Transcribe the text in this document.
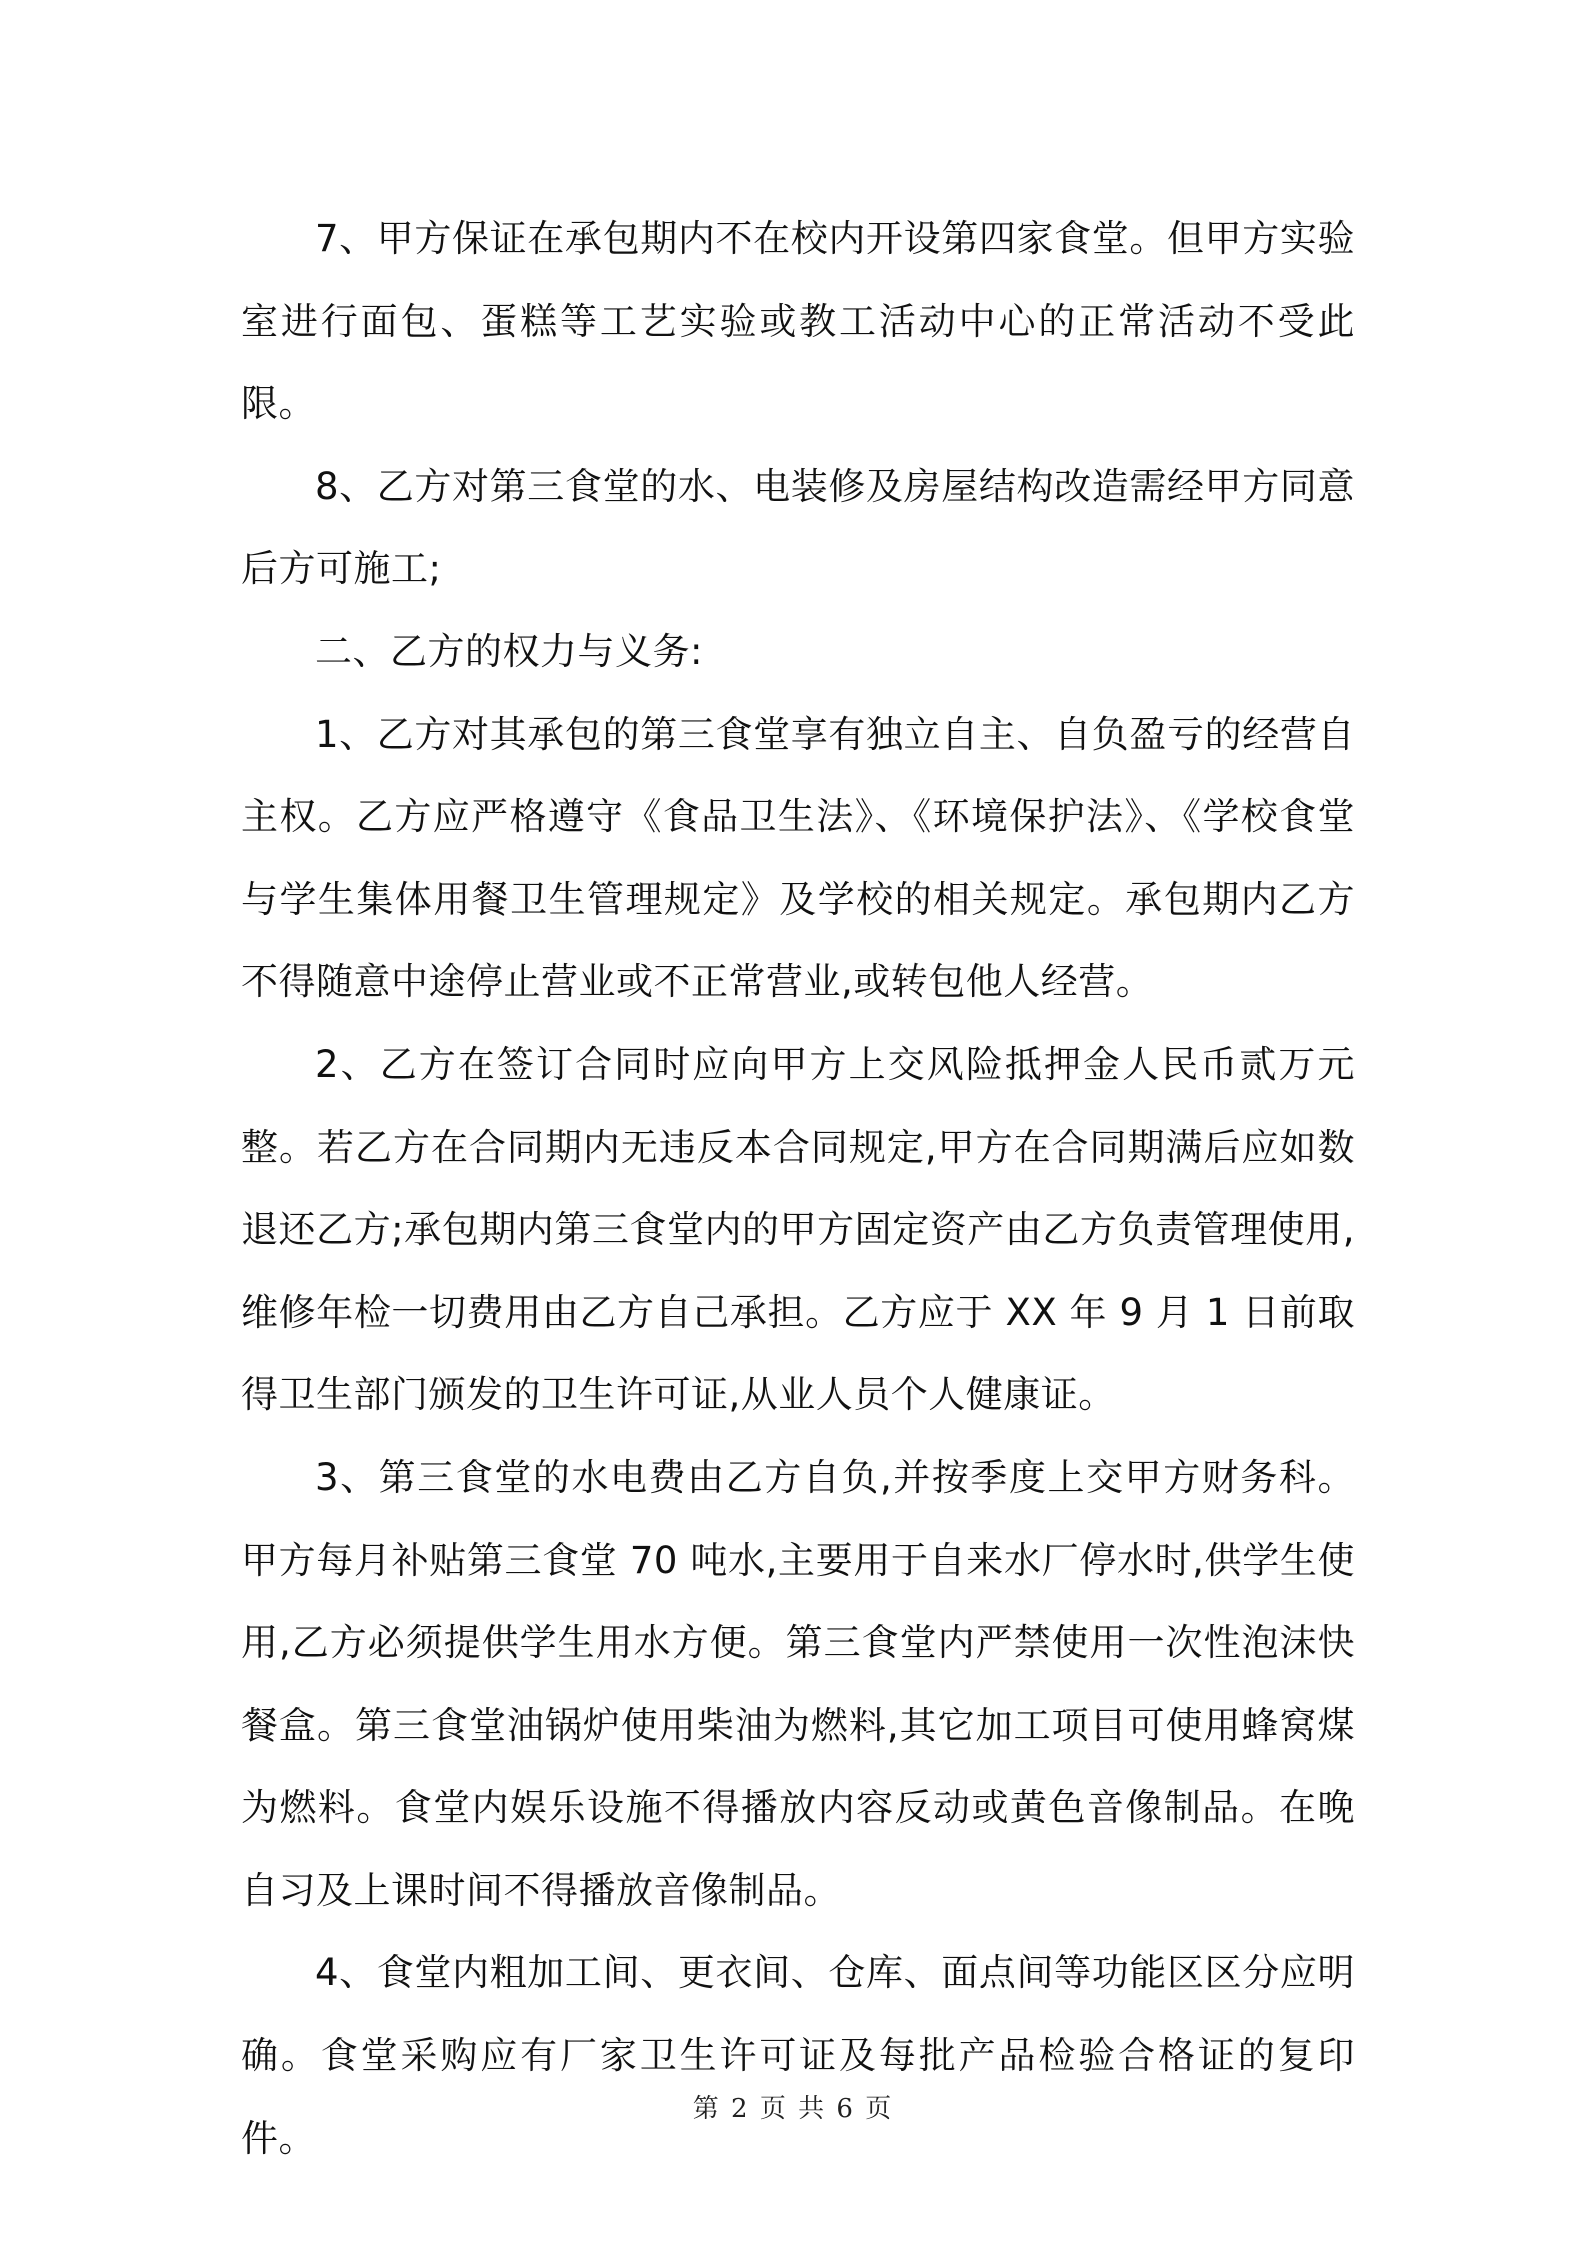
7、甲方保证在承包期内不在校内开设第四家食堂。但甲方实验室进行面包、蛋糕等工艺实验或教工活动中心的正常活动不受此限。

8、乙方对第三食堂的水、电装修及房屋结构改造需经甲方同意后方可施工;

二、乙方的权力与义务:

1、乙方对其承包的第三食堂享有独立自主、自负盈亏的经营自主权。乙方应严格遵守《食品卫生法》、《环境保护法》、《学校食堂与学生集体用餐卫生管理规定》及学校的相关规定。承包期内乙方不得随意中途停止营业或不正常营业,或转包他人经营。

2、乙方在签订合同时应向甲方上交风险抵押金人民币贰万元整。若乙方在合同期内无违反本合同规定,甲方在合同期满后应如数退还乙方;承包期内第三食堂内的甲方固定资产由乙方负责管理使用,维修年检一切费用由乙方自己承担。乙方应于 XX 年 9 月 1 日前取得卫生部门颁发的卫生许可证,从业人员个人健康证。

3、第三食堂的水电费由乙方自负,并按季度上交甲方财务科。甲方每月补贴第三食堂 70 吨水,主要用于自来水厂停水时,供学生使用,乙方必须提供学生用水方便。第三食堂内严禁使用一次性泡沫快餐盒。第三食堂油锅炉使用柴油为燃料,其它加工项目可使用蜂窝煤为燃料。食堂内娱乐设施不得播放内容反动或黄色音像制品。在晚自习及上课时间不得播放音像制品。

4、食堂内粗加工间、更衣间、仓库、面点间等功能区区分应明确。食堂采购应有厂家卫生许可证及每批产品检验合格证的复印件。

第 2 页 共 6 页
